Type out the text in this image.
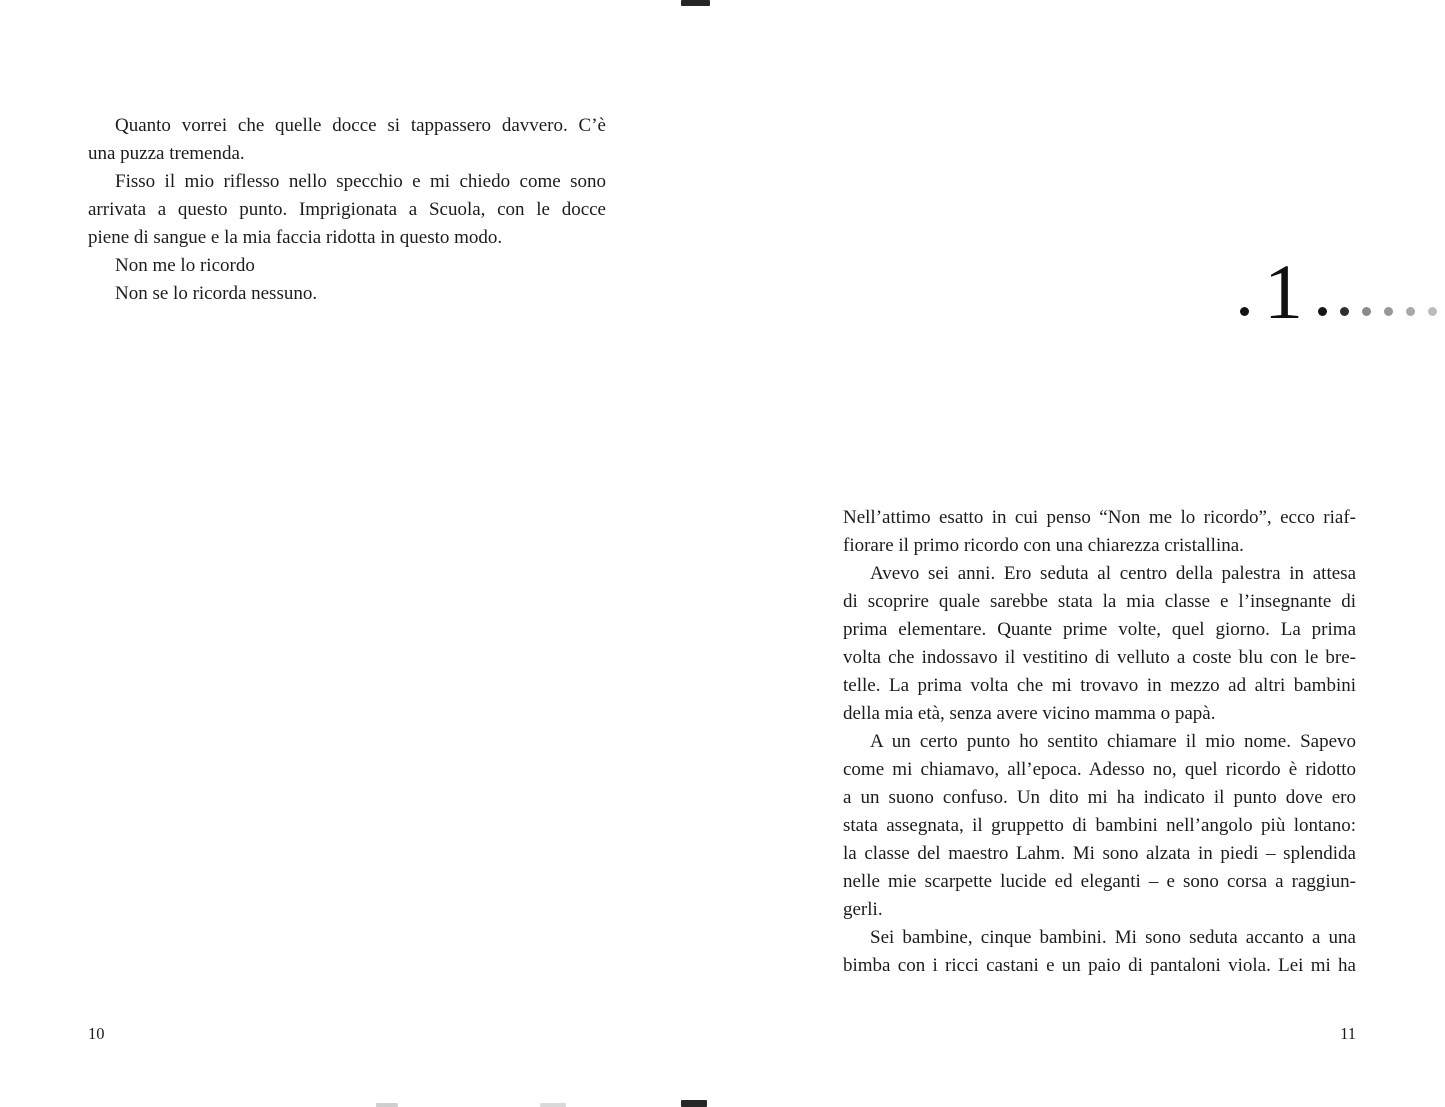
Quanto vorrei che quelle docce si tappassero davvero. C’è
una puzza tremenda.
Fisso il mio riflesso nello specchio e mi chiedo come sono
arrivata a questo punto. Imprigionata a Scuola, con le docce
piene di sangue e la mia faccia ridotta in questo modo.
Non me lo ricordo
Non se lo ricorda nessuno.
10
1
Nell’attimo esatto in cui penso “Non me lo ricordo”, ecco riaf-
fiorare il primo ricordo con una chiarezza cristallina.
Avevo sei anni. Ero seduta al centro della palestra in attesa
di scoprire quale sarebbe stata la mia classe e l’insegnante di
prima elementare. Quante prime volte, quel giorno. La prima
volta che indossavo il vestitino di velluto a coste blu con le bre-
telle. La prima volta che mi trovavo in mezzo ad altri bambini
della mia età, senza avere vicino mamma o papà.
A un certo punto ho sentito chiamare il mio nome. Sapevo
come mi chiamavo, all’epoca. Adesso no, quel ricordo è ridotto
a un suono confuso. Un dito mi ha indicato il punto dove ero
stata assegnata, il gruppetto di bambini nell’angolo più lontano:
la classe del maestro Lahm. Mi sono alzata in piedi – splendida
nelle mie scarpette lucide ed eleganti – e sono corsa a raggiun-
gerli.
Sei bambine, cinque bambini. Mi sono seduta accanto a una
bimba con i ricci castani e un paio di pantaloni viola. Lei mi ha
11
